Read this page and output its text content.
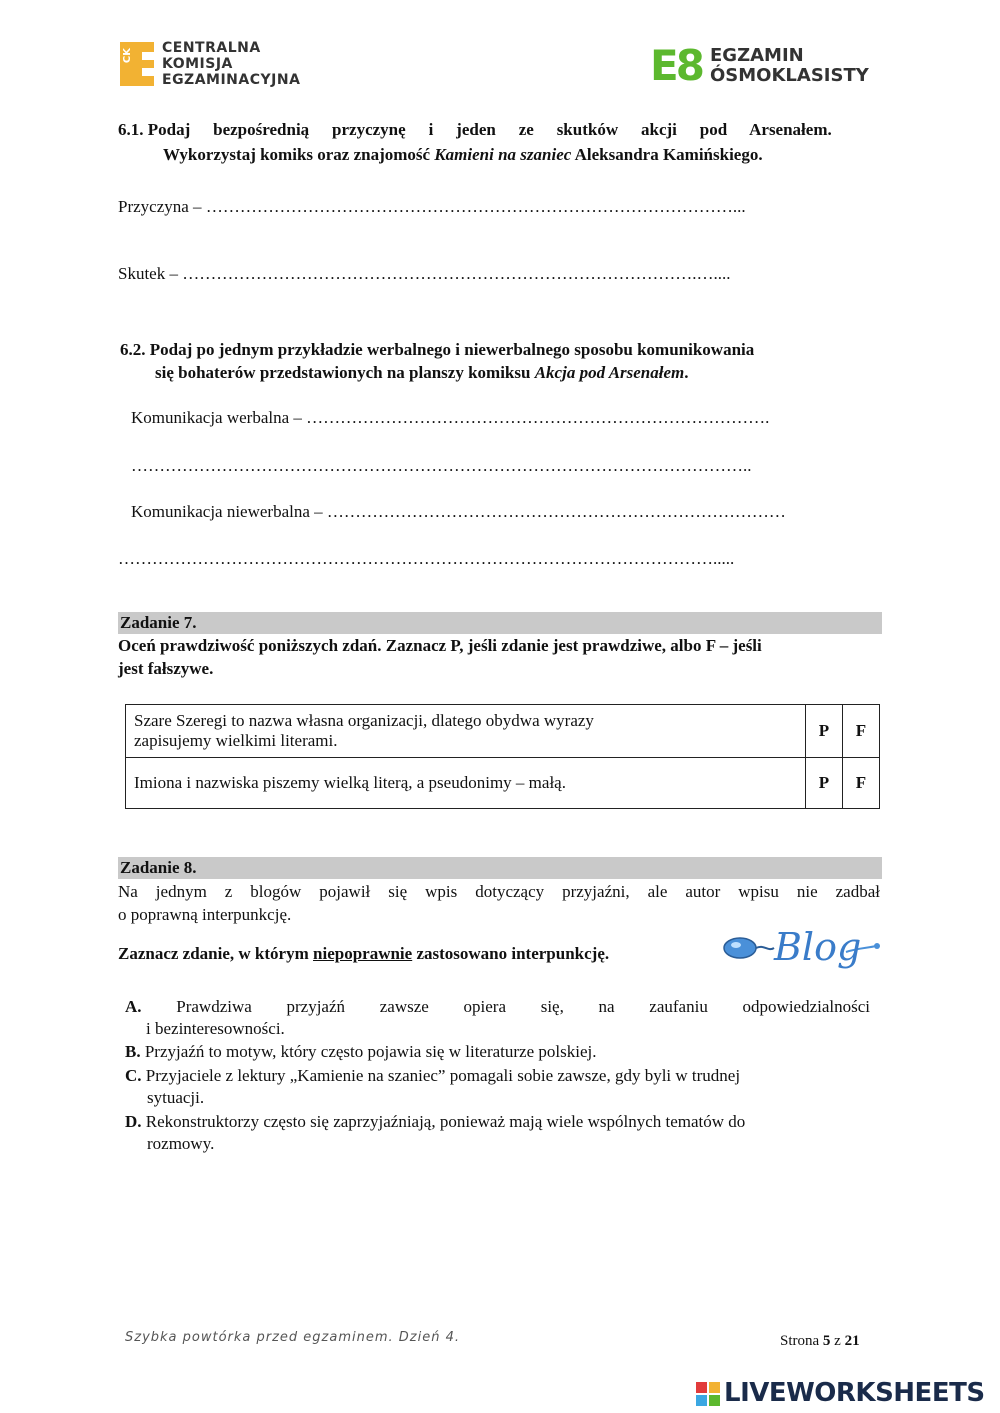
CK CENTRALNA
KOMISJA
EGZAMINACYJNA	E8 EGZAMIN
ÓSMOKLASISTY
6.1. Podaj bezpośrednią przyczynę i jeden ze skutków akcji pod Arsenałem.
Wykorzystaj komiks oraz znajomość Kamieni na szaniec Aleksandra Kamińskiego.
Przyczyna – …………………………………………………………………………………...
Skutek – ……………………………………………………………………………….…....
6.2. Podaj po jednym przykładzie werbalnego i niewerbalnego sposobu komunikowania
się bohaterów przedstawionych na planszy komiksu Akcja pod Arsenałem.
Komunikacja werbalna – ……………………………………………………………………….
………………………………………………………………………………………………..
Komunikacja niewerbalna – ………………………………………………………………………
…………………………………………………………………………………………….....
Zadanie 7.
Oceń prawdziwość poniższych zdań. Zaznacz P, jeśli zdanie jest prawdziwe, albo F – jeśli
jest fałszywe.
Szare Szeregi to nazwa własna organizacji, dlatego obydwa wyrazy
zapisujemy wielkimi literami.	P	F

Imiona i nazwiska piszemy wielką literą, a pseudonimy – małą.	P	F
Zadanie 8.
Na jednym z blogów pojawił się wpis dotyczący przyjaźni, ale autor wpisu nie zadbał
o poprawną interpunkcję.
Zaznacz zdanie, w którym niepoprawnie zastosowano interpunkcję.	Blog
A. Prawdziwa przyjaźń zawsze opiera się, na zaufaniu odpowiedzialności
i bezinteresowności.
B. Przyjaźń to motyw, który często pojawia się w literaturze polskiej.
C. Przyjaciele z lektury „Kamienie na szaniec” pomagali sobie zawsze, gdy byli w trudnej
sytuacji.
D. Rekonstruktorzy często się zaprzyjaźniają, ponieważ mają wiele wspólnych tematów do
rozmowy.
Szybka powtórka przed egzaminem. Dzień 4.	Strona 5 z 21
LIVEWORKSHEETS
